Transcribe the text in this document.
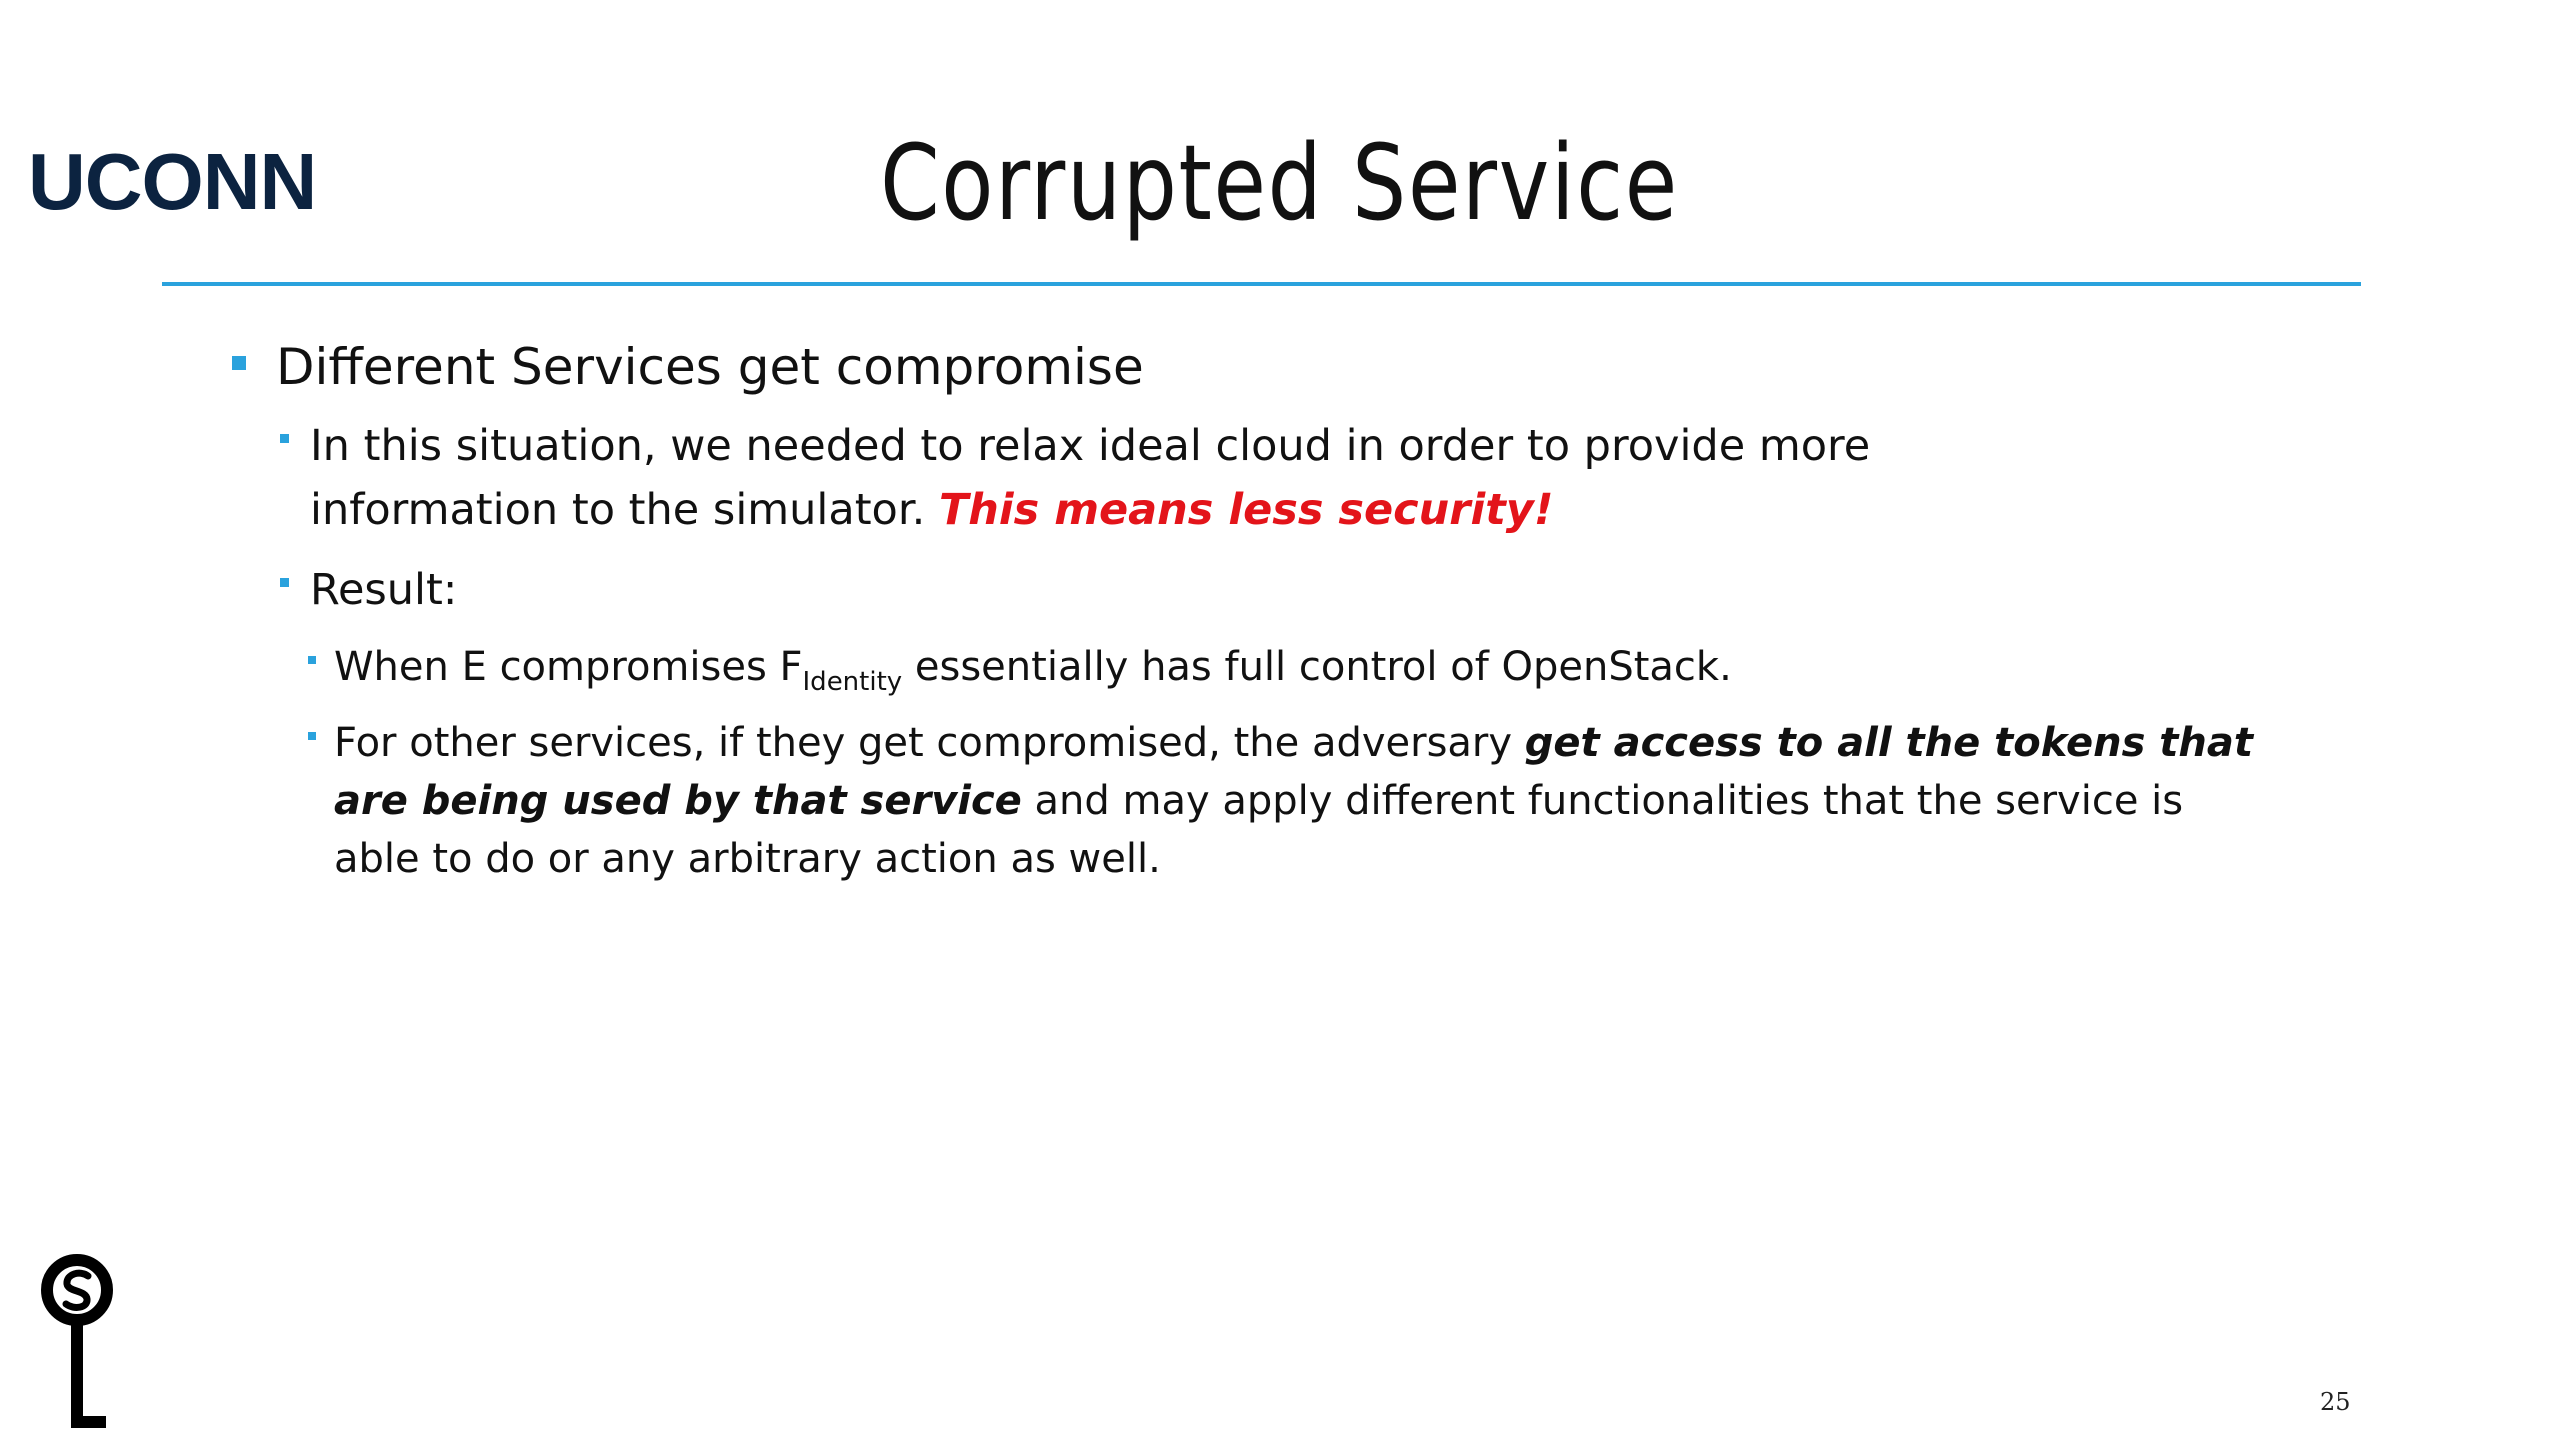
UCONN	Corrupted Service
Different Services get compromise
In this situation, we needed to relax ideal cloud in order to provide more
information to the simulator. This means less security!
Result:
When E compromises $F_{Identity}$ essentially has full control of OpenStack.
For other services, if they get compromised, the adversary get access to all the tokens that are being used by that service and may apply different functionalities that the service is able to do or any arbitrary action as well.
25
